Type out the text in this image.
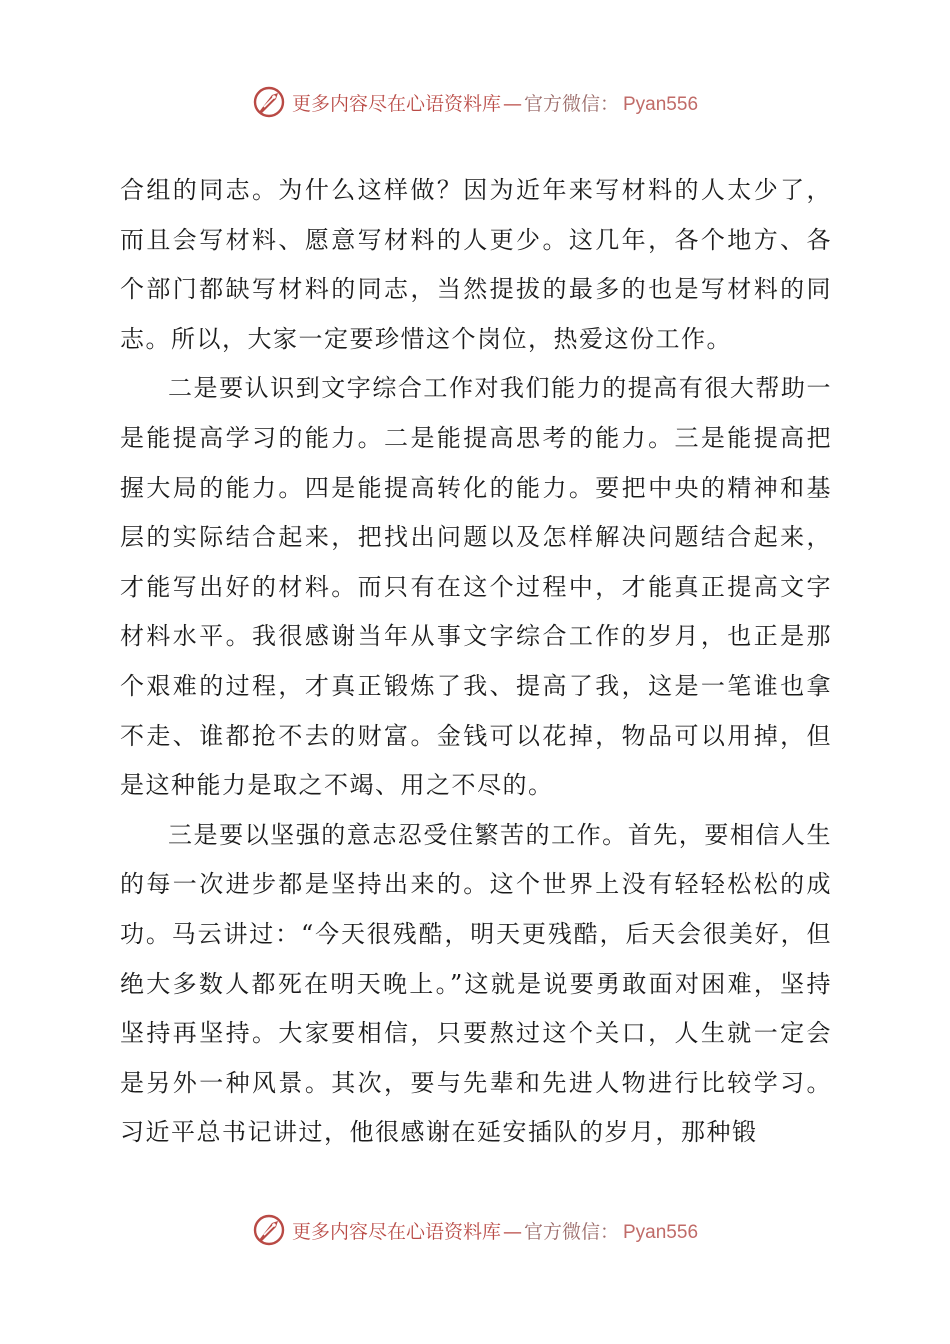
更多内容尽在心语资料库 — 官方微信： Pyan556

合组的同志。为什么这样做？因为近年来写材料的人太少了，而且会写材料、愿意写材料的人更少。这几年，各个地方、各个部门都缺写材料的同志，当然提拔的最多的也是写材料的同志。所以，大家一定要珍惜这个岗位，热爱这份工作。

二是要认识到文字综合工作对我们能力的提高有很大帮助一是能提高学习的能力。二是能提高思考的能力。三是能提高把握大局的能力。四是能提高转化的能力。要把中央的精神和基层的实际结合起来，把找出问题以及怎样解决问题结合起来，才能写出好的材料。而只有在这个过程中，才能真正提高文字材料水平。我很感谢当年从事文字综合工作的岁月，也正是那个艰难的过程，才真正锻炼了我、提高了我，这是一笔谁也拿不走、谁都抢不去的财富。金钱可以花掉，物品可以用掉，但是这种能力是取之不竭、用之不尽的。

三是要以坚强的意志忍受住繁苦的工作。首先，要相信人生的每一次进步都是坚持出来的。这个世界上没有轻轻松松的成功。马云讲过：“今天很残酷，明天更残酷，后天会很美好，但绝大多数人都死在明天晚上。”这就是说要勇敢面对困难，坚持坚持再坚持。大家要相信，只要熬过这个关口，人生就一定会是另外一种风景。其次，要与先辈和先进人物进行比较学习。习近平总书记讲过，他很感谢在延安插队的岁月，那种锻

更多内容尽在心语资料库 — 官方微信： Pyan556
